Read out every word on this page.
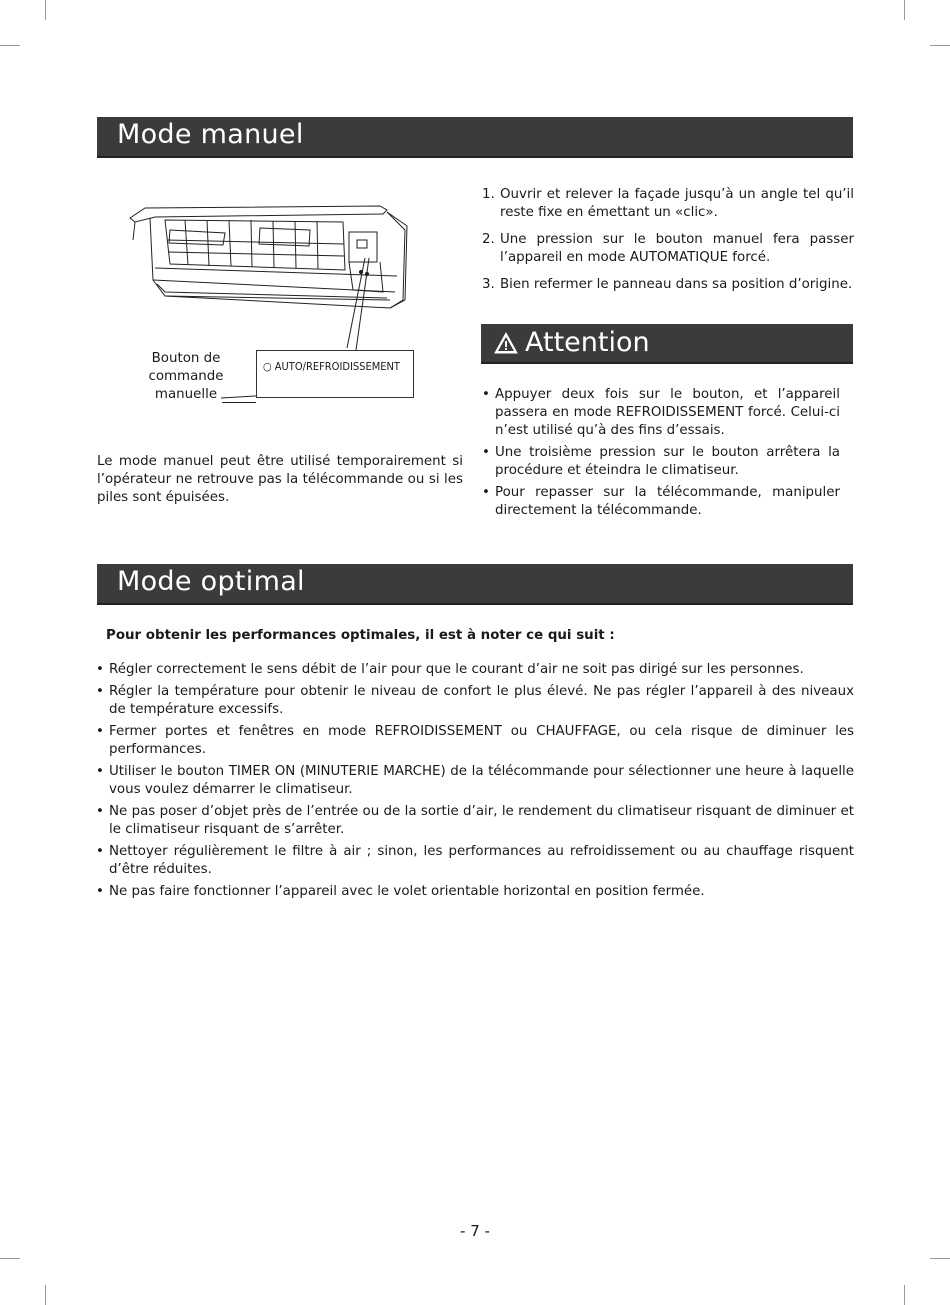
Mode manuel
Bouton de commande manuelle
○ AUTO/REFROIDISSEMENT
1. Ouvrir et relever la façade jusqu’à un angle tel qu’il reste fixe en émettant un «clic».
2. Une pression sur le bouton manuel fera passer l’appareil en mode AUTOMATIQUE forcé.
3. Bien refermer le panneau dans sa position d’origine.
Le mode manuel peut être utilisé temporairement si l’opérateur ne retrouve pas la télécommande ou si les piles sont épuisées.
Attention
• Appuyer deux fois sur le bouton, et l’appareil passera en mode REFROIDISSEMENT forcé. Celui-ci n’est utilisé qu’à des fins d’essais.
• Une troisième pression sur le bouton arrêtera la procédure et éteindra le climatiseur.
• Pour repasser sur la télécommande, manipuler directement la télécommande.
Mode optimal
Pour obtenir les performances optimales, il est à noter ce qui suit :
• Régler correctement le sens débit de l’air pour que le courant d’air ne soit pas dirigé sur les personnes.
• Régler la température pour obtenir le niveau de confort le plus élevé. Ne pas régler l’appareil à des niveaux de température excessifs.
• Fermer portes et fenêtres en mode REFROIDISSEMENT ou CHAUFFAGE, ou cela risque de diminuer les performances.
• Utiliser le bouton TIMER ON (MINUTERIE MARCHE) de la télécommande pour sélectionner une heure à laquelle vous voulez démarrer le climatiseur.
• Ne pas poser d’objet près de l’entrée ou de la sortie d’air, le rendement du climatiseur risquant de diminuer et le climatiseur risquant de s’arrêter.
• Nettoyer régulièrement le filtre à air ; sinon, les performances au refroidissement ou au chauffage risquent d’être réduites.
• Ne pas faire fonctionner l’appareil avec le volet orientable horizontal en position fermée.
- 7 -
